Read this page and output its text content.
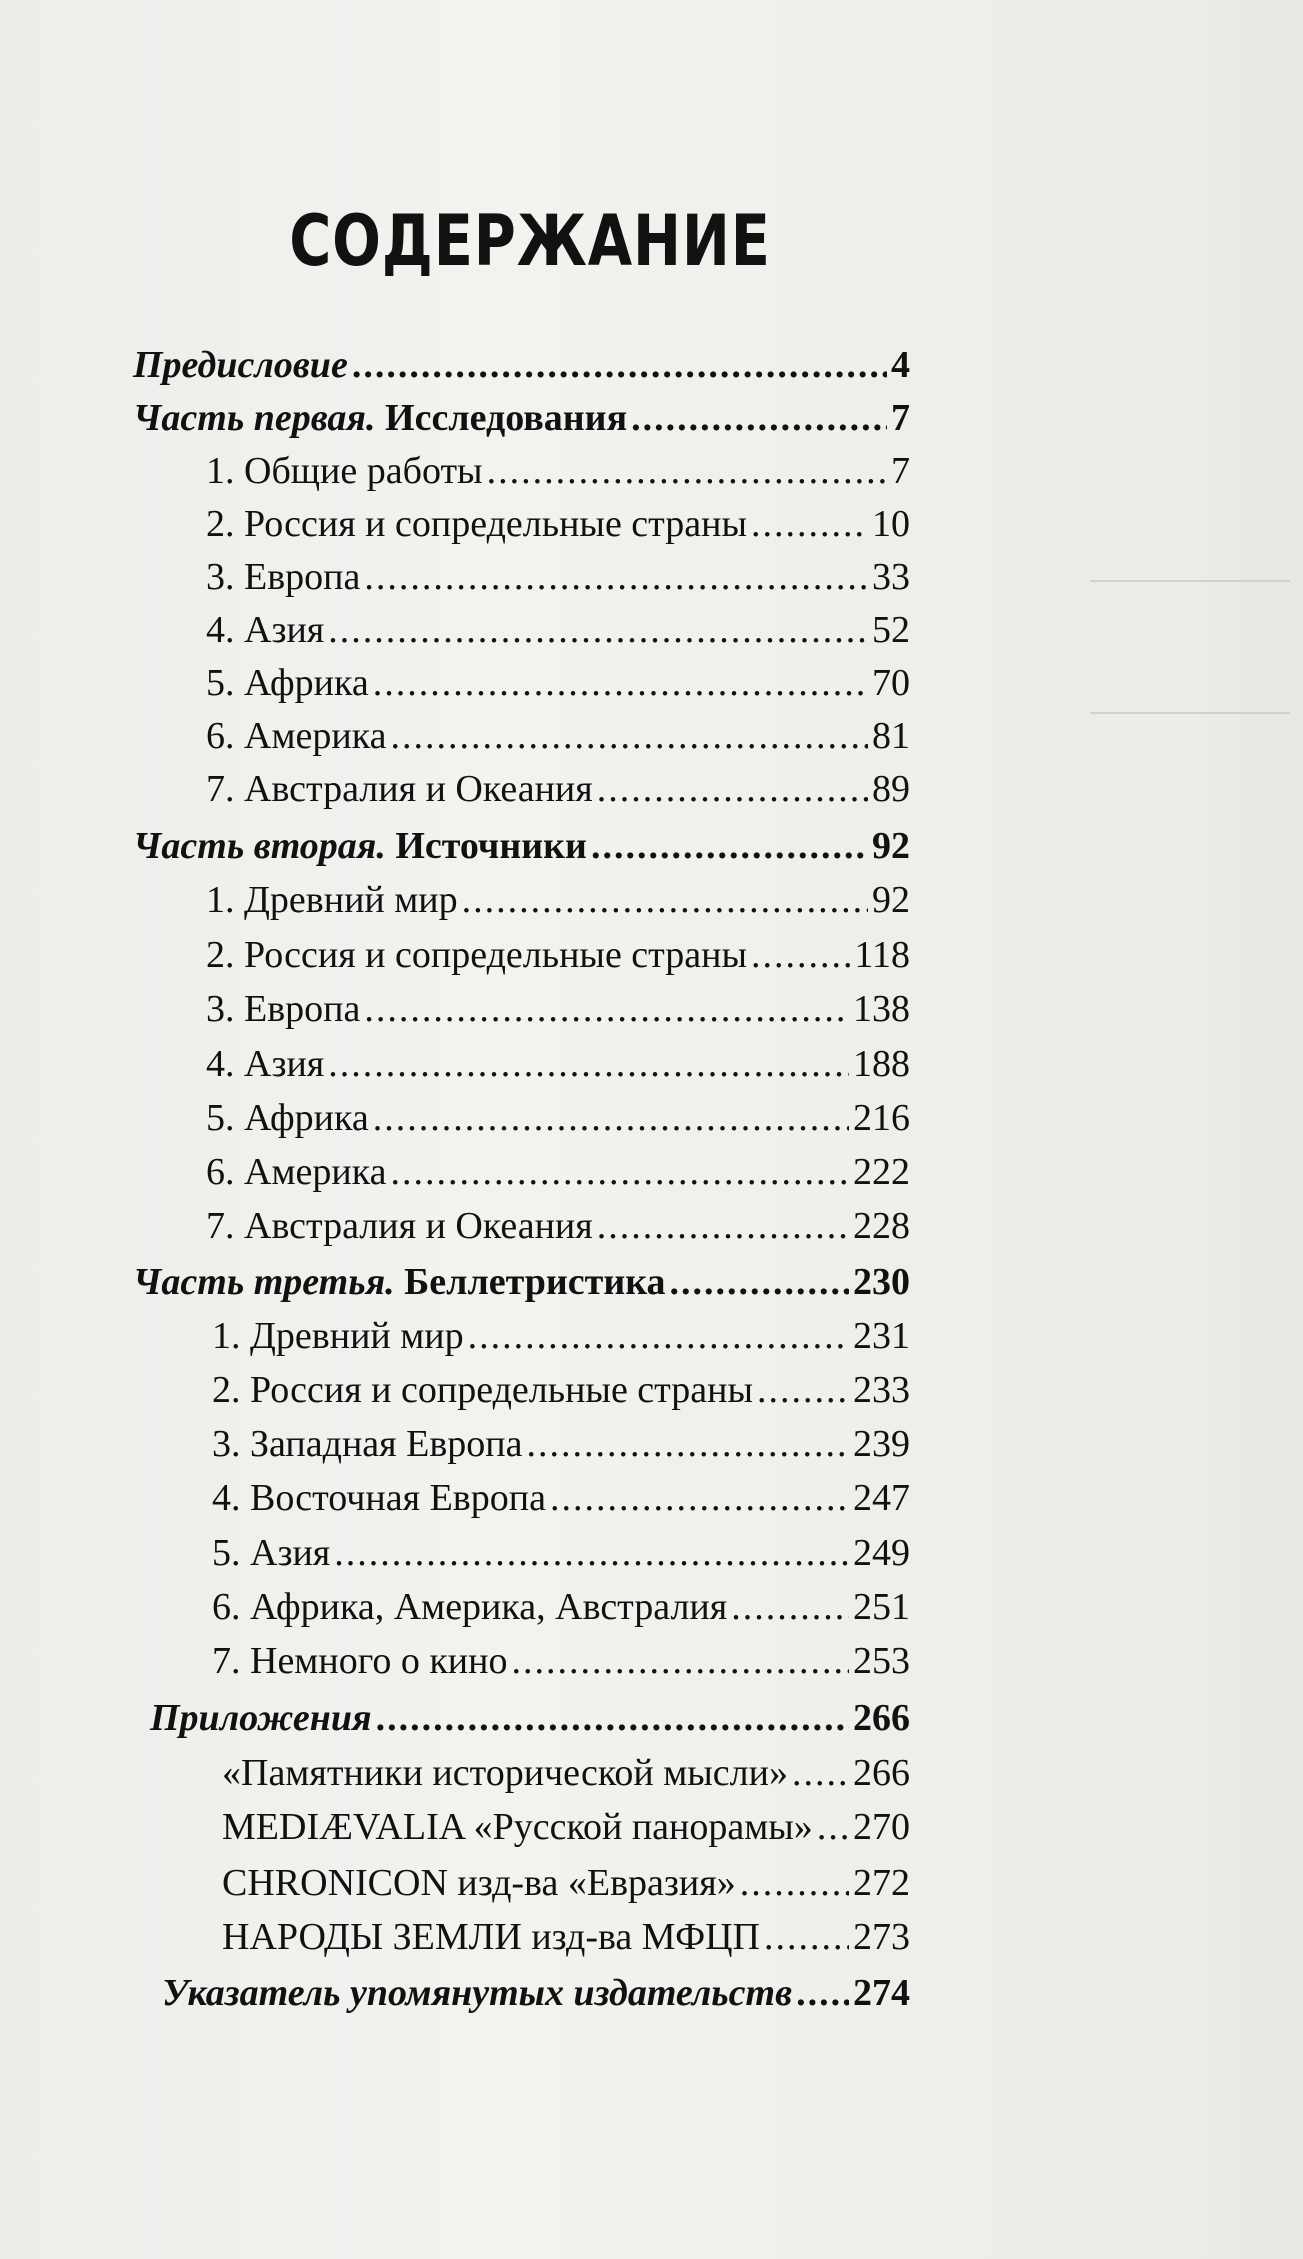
СОДЕРЖАНИЕ
Предисловие .....	4
Часть первая. Исследования .....	7
1. Общие работы .....	7
2. Россия и сопредельные страны .....	10
3. Европа .....	33
4. Азия .....	52
5. Африка .....	70
6. Америка .....	81
7. Австралия и Океания .....	89
Часть вторая. Источники .....	92
1. Древний мир .....	92
2. Россия и сопредельные страны .....	118
3. Европа .....	138
4. Азия .....	188
5. Африка .....	216
6. Америка .....	222
7. Австралия и Океания .....	228
Часть третья. Беллетристика .....	230
1. Древний мир .....	231
2. Россия и сопредельные страны .....	233
3. Западная Европа .....	239
4. Восточная Европа .....	247
5. Азия .....	249
6. Африка, Америка, Австралия .....	251
7. Немного о кино .....	253
Приложения .....	266
«Памятники исторической мысли» ..... 266
MEDIÆVALIA «Русской панорамы» ..... 270
CHRONICON изд-ва «Евразия» .....	272
НАРОДЫ ЗЕМЛИ изд-ва МФЦП ..... 273
Указатель упомянутых издательств ..... 274
